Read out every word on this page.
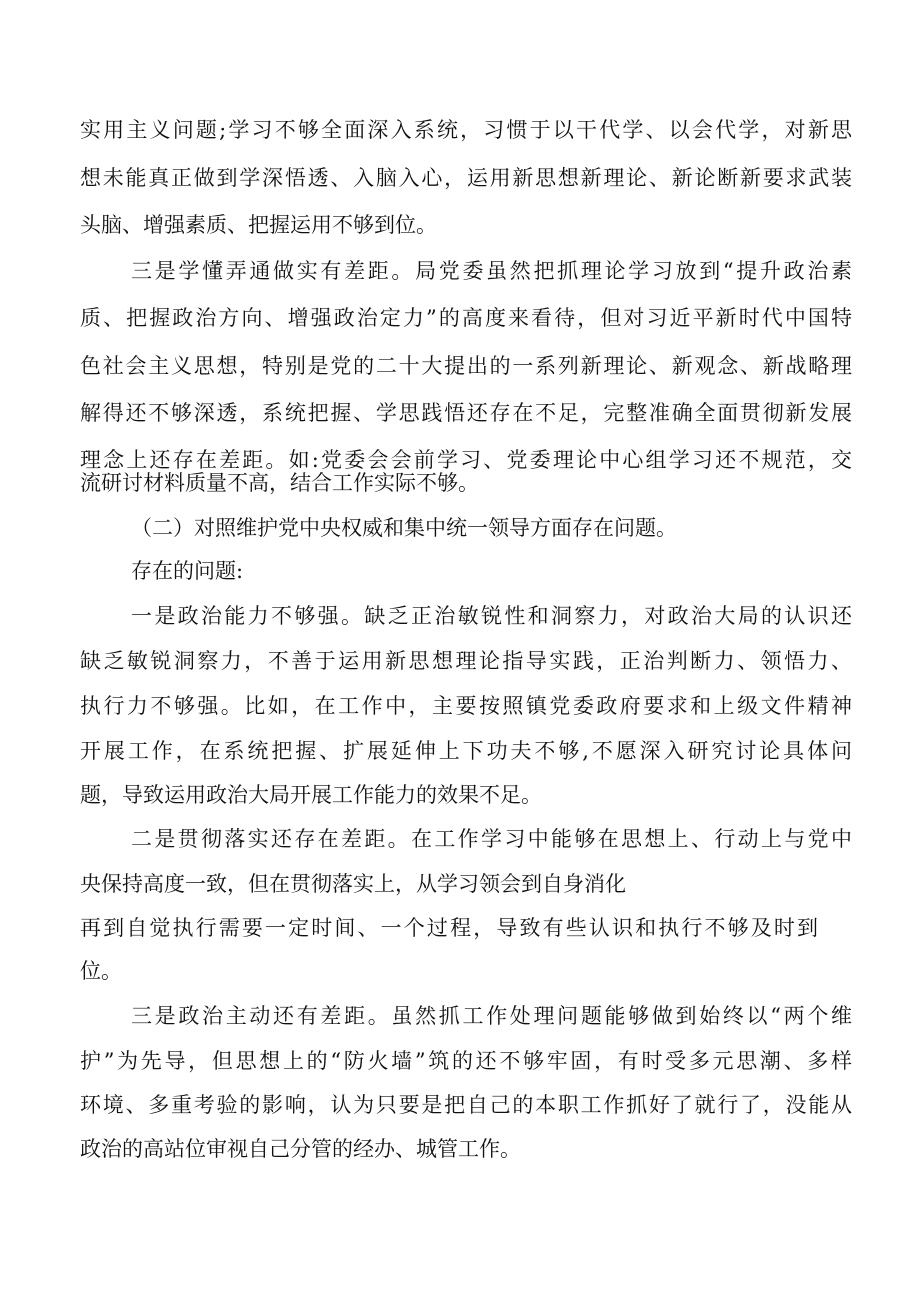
实用主义问题;学习不够全面深入系统，习惯于以干代学、以会代学，对新思
想未能真正做到学深悟透、入脑入心，运用新思想新理论、新论断新要求武装
头脑、增强素质、把握运用不够到位。
三是学懂弄通做实有差距。局党委虽然把抓理论学习放到“提升政治素
质、把握政治方向、增强政治定力”的高度来看待，但对习近平新时代中国特
色社会主义思想，特别是党的二十大提出的一系列新理论、新观念、新战略理
解得还不够深透，系统把握、学思践悟还存在不足，完整准确全面贯彻新发展
理念上还存在差距。如:党委会会前学习、党委理论中心组学习还不规范，交
流研讨材料质量不高，结合工作实际不够。
（二）对照维护党中央权威和集中统一领导方面存在问题。
存在的问题:
一是政治能力不够强。缺乏正治敏锐性和洞察力，对政治大局的认识还
缺乏敏锐洞察力，不善于运用新思想理论指导实践，正治判断力、领悟力、
执行力不够强。比如，在工作中，主要按照镇党委政府要求和上级文件精神
开展工作，在系统把握、扩展延伸上下功夫不够,不愿深入研究讨论具体问
题，导致运用政治大局开展工作能力的效果不足。
二是贯彻落实还存在差距。在工作学习中能够在思想上、行动上与党中
央保持高度一致，但在贯彻落实上，从学习领会到自身消化
再到自觉执行需要一定时间、一个过程，导致有些认识和执行不够及时到
位。
三是政治主动还有差距。虽然抓工作处理问题能够做到始终以“两个维
护”为先导，但思想上的“防火墙”筑的还不够牢固，有时受多元思潮、多样
环境、多重考验的影响，认为只要是把自己的本职工作抓好了就行了，没能从
政治的高站位审视自己分管的经办、城管工作。
